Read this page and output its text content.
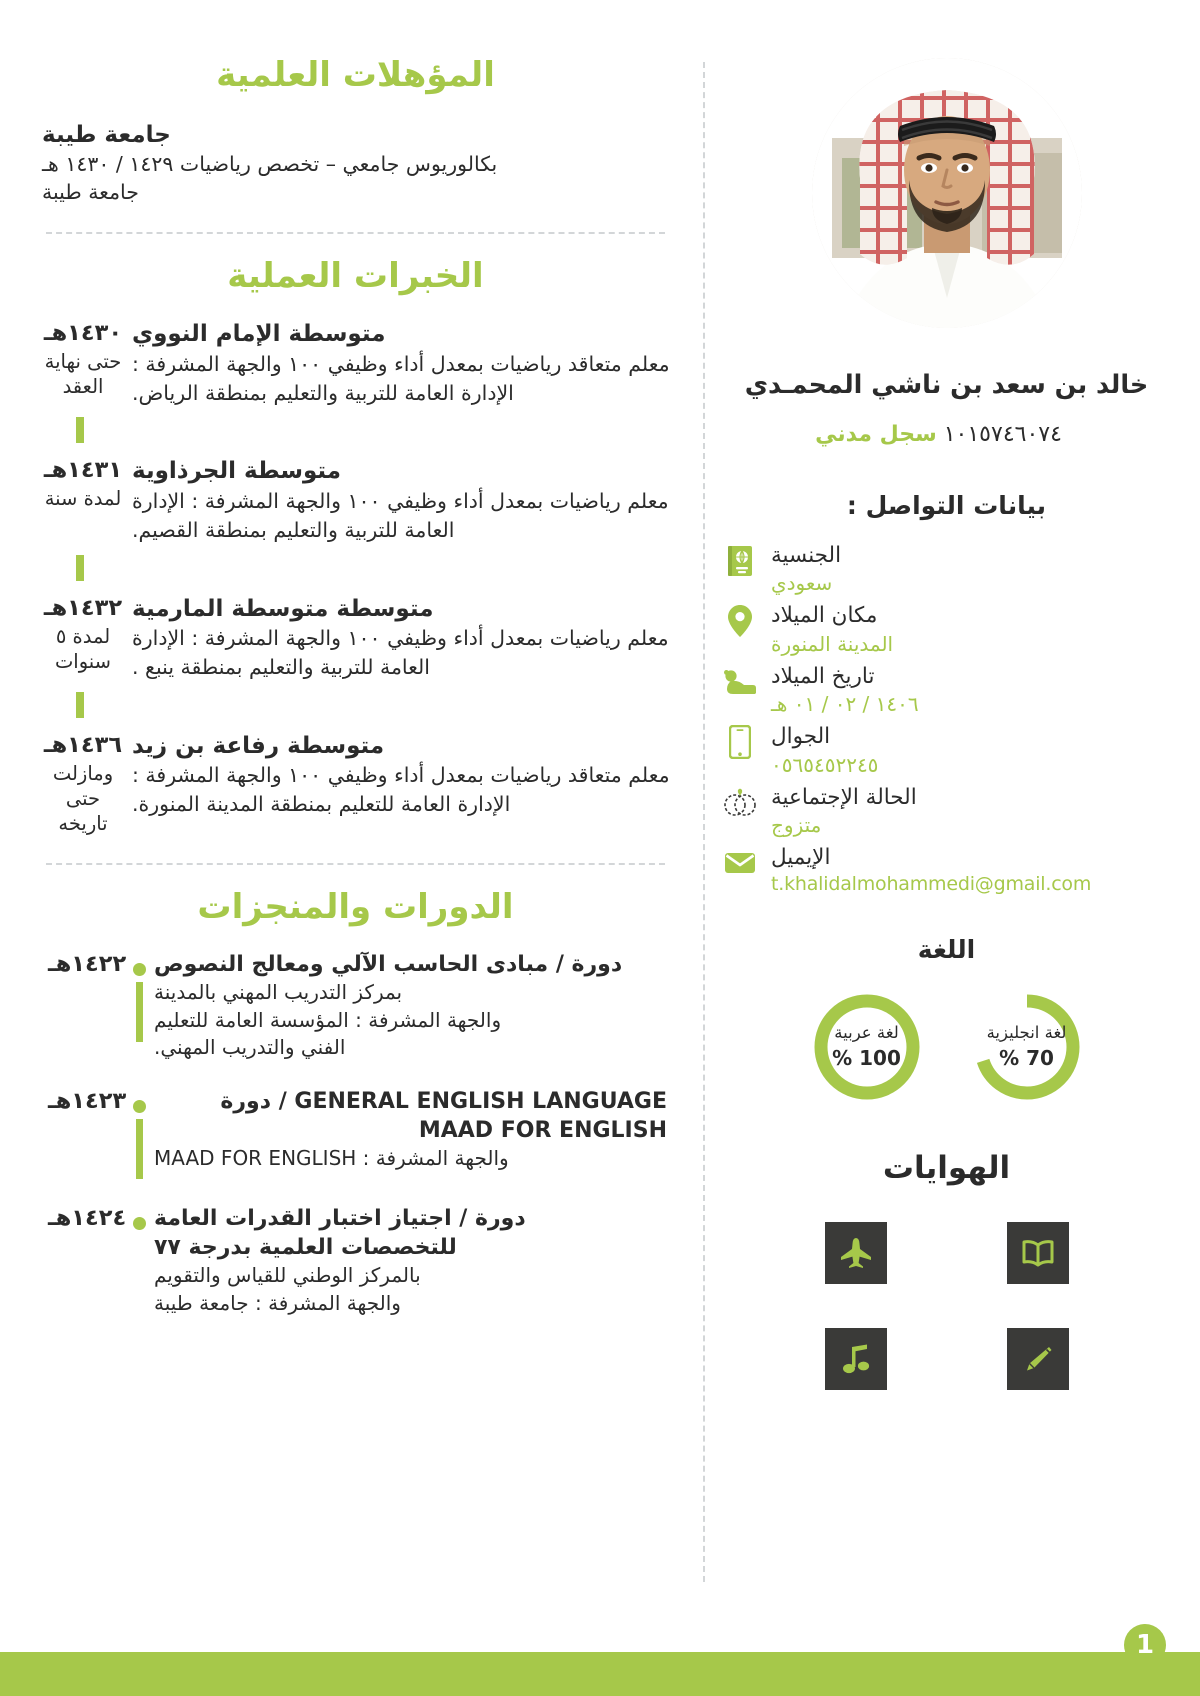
خالد بن سعد بن ناشي المحمـدي
١٠١٥٧٤٦٠٧٤ سجل مدني
بيانات التواصل :
الجنسية
سعودي
مكان الميلاد
المدينة المنورة
تاريخ الميلاد
١٤٠٦ / ٠٢ / ٠١ هـ
الجوال
٠٥٦٥٤٥٢٢٤٥
الحالة الإجتماعية
متزوج
الإيميل
t.khalidalmohammedi@gmail.com
اللغة
لغة انجليزية
70 %
لغة عربية
100 %
الهوايات
المؤهلات العلمية
جامعة طيبة
بكالوريوس جامعي – تخصص رياضيات ١٤٢٩ / ١٤٣٠ هـ
جامعة طيبة
الخبرات العملية
متوسطة الإمام النووي
معلم متعاقد رياضيات بمعدل أداء وظيفي ١٠٠ والجهة المشرفة : الإدارة العامة للتربية والتعليم بمنطقة الرياض.
١٤٣٠هـ
حتى نهاية العقد
متوسطة الجرذاوية
معلم رياضيات بمعدل أداء وظيفي ١٠٠ والجهة المشرفة : الإدارة العامة للتربية والتعليم بمنطقة القصيم.
١٤٣١هـ
لمدة سنة
متوسطة متوسطة المارمية
معلم رياضيات بمعدل أداء وظيفي ١٠٠ والجهة المشرفة : الإدارة العامة للتربية والتعليم بمنطقة ينبع .
١٤٣٢هـ
لمدة ٥ سنوات
متوسطة رفاعة بن زيد
معلم متعاقد رياضيات بمعدل أداء وظيفي ١٠٠ والجهة المشرفة : الإدارة العامة للتعليم بمنطقة المدينة المنورة.
١٤٣٦هـ
ومازلت حتى تاريخه
الدورات والمنجزات
دورة / مبادى الحاسب الآلي ومعالج النصوص
بمركز التدريب المهني بالمدينة
والجهة المشرفة : المؤسسة العامة للتعليم
الفني والتدريب المهني.
١٤٢٢هـ
دورة / GENERAL ENGLISH LANGUAGE
MAAD FOR ENGLISH
والجهة المشرفة : MAAD FOR ENGLISH
١٤٢٣هـ
دورة / اجتياز اختبار القدرات العامة
للتخصصات العلمية بدرجة ٧٧
بالمركز الوطني للقياس والتقويم
والجهة المشرفة : جامعة طيبة
١٤٢٤هـ
1
